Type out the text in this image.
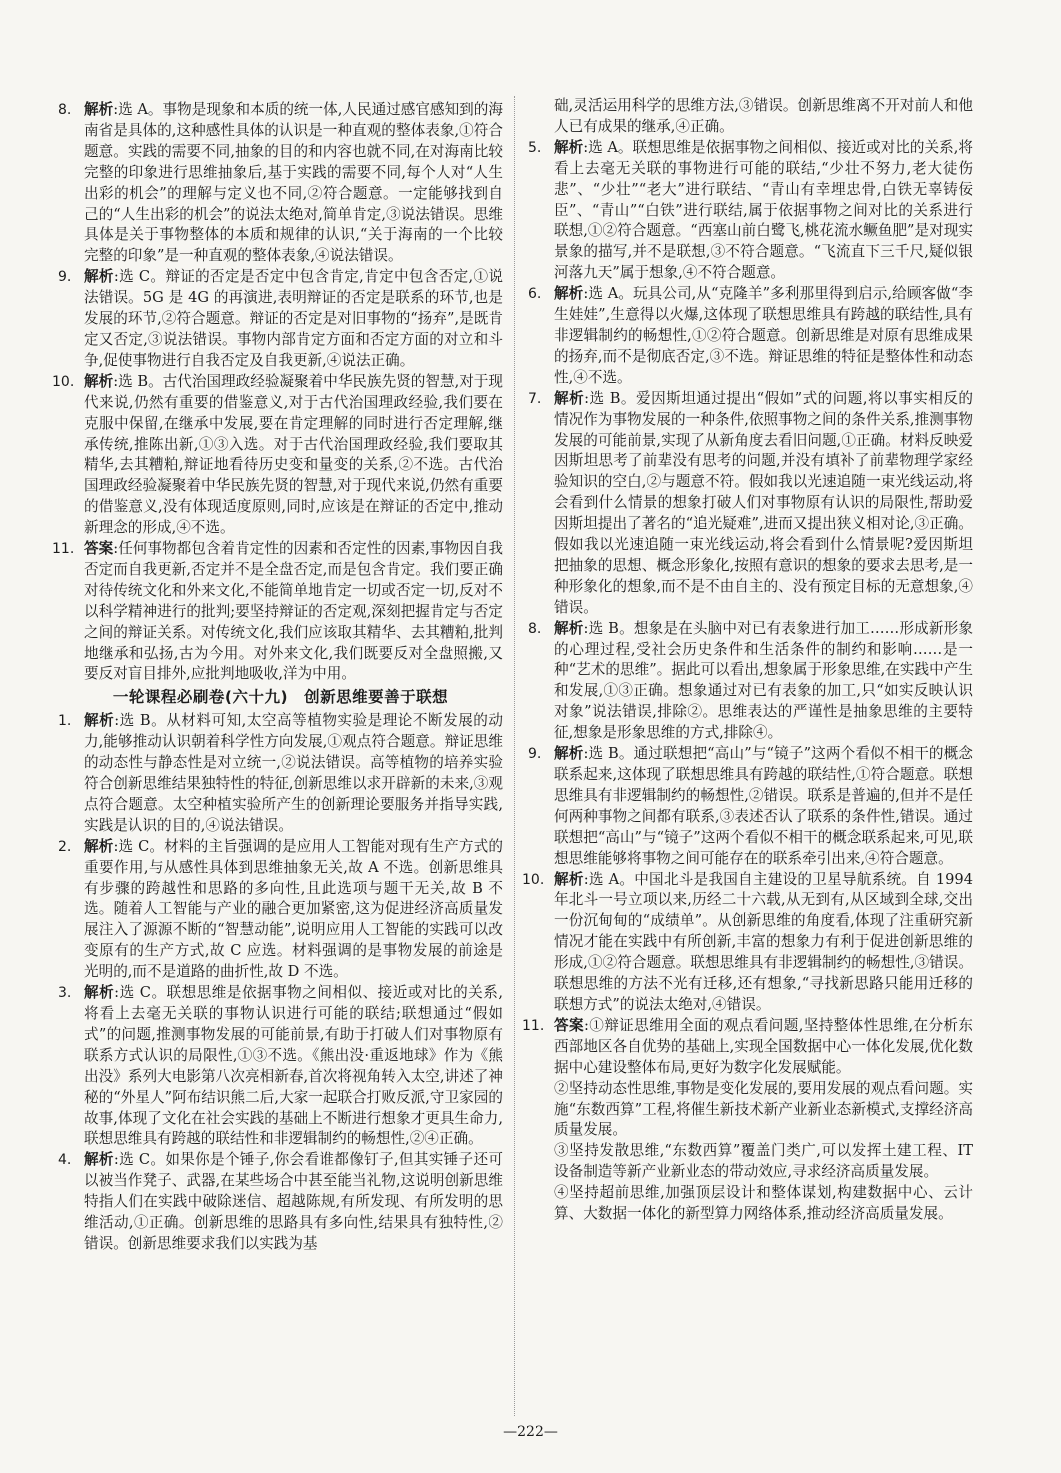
8. 解析:选 A。事物是现象和本质的统一体,人民通过感官感知到的海南省是具体的,这种感性具体的认识是一种直观的整体表象,①符合题意。实践的需要不同,抽象的目的和内容也就不同,在对海南比较完整的印象进行思维抽象后,基于实践的需要不同,每个人对“人生出彩的机会”的理解与定义也不同,②符合题意。一定能够找到自己的“人生出彩的机会”的说法太绝对,简单肯定,③说法错误。思维具体是关于事物整体的本质和规律的认识,“关于海南的一个比较完整的印象”是一种直观的整体表象,④说法错误。
9. 解析:选 C。辩证的否定是否定中包含肯定,肯定中包含否定,①说法错误。5G 是 4G 的再演进,表明辩证的否定是联系的环节,也是发展的环节,②符合题意。辩证的否定是对旧事物的“扬弃”,是既肯定又否定,③说法错误。事物内部肯定方面和否定方面的对立和斗争,促使事物进行自我否定及自我更新,④说法正确。
10. 解析:选 B。古代治国理政经验凝聚着中华民族先贤的智慧,对于现代来说,仍然有重要的借鉴意义,对于古代治国理政经验,我们要在克服中保留,在继承中发展,要在肯定理解的同时进行否定理解,继承传统,推陈出新,①③入选。对于古代治国理政经验,我们要取其精华,去其糟粕,辩证地看待历史变和量变的关系,②不选。古代治国理政经验凝聚着中华民族先贤的智慧,对于现代来说,仍然有重要的借鉴意义,没有体现适度原则,同时,应该是在辩证的否定中,推动新理念的形成,④不选。
11. 答案:任何事物都包含着肯定性的因素和否定性的因素,事物因自我否定而自我更新,否定并不是全盘否定,而是包含肯定。我们要正确对待传统文化和外来文化,不能简单地肯定一切或否定一切,反对不以科学精神进行的批判;要坚持辩证的否定观,深刻把握肯定与否定之间的辩证关系。对传统文化,我们应该取其精华、去其糟粕,批判地继承和弘扬,古为今用。对外来文化,我们既要反对全盘照搬,又要反对盲目排外,应批判地吸收,洋为中用。
一轮课程必刷卷(六十九)　创新思维要善于联想
1. 解析:选 B。从材料可知,太空高等植物实验是理论不断发展的动力,能够推动认识朝着科学性方向发展,①观点符合题意。辩证思维的动态性与静态性是对立统一,②说法错误。高等植物的培养实验符合创新思维结果独特性的特征,创新思维以求开辟新的未来,③观点符合题意。太空种植实验所产生的创新理论要服务并指导实践,实践是认识的目的,④说法错误。
2. 解析:选 C。材料的主旨强调的是应用人工智能对现有生产方式的重要作用,与从感性具体到思维抽象无关,故 A 不选。创新思维具有步骤的跨越性和思路的多向性,且此选项与题干无关,故 B 不选。随着人工智能与产业的融合更加紧密,这为促进经济高质量发展注入了源源不断的“智慧动能”,说明应用人工智能的实践可以改变原有的生产方式,故 C 应选。材料强调的是事物发展的前途是光明的,而不是道路的曲折性,故 D 不选。
3. 解析:选 C。联想思维是依据事物之间相似、接近或对比的关系,将看上去毫无关联的事物认识进行可能的联结;联想通过“假如式”的问题,推测事物发展的可能前景,有助于打破人们对事物原有联系方式认识的局限性,①③不选。《熊出没·重返地球》作为《熊出没》系列大电影第八次亮相新春,首次将视角转入太空,讲述了神秘的“外星人”阿布结识熊二后,大家一起联合打败反派,守卫家园的故事,体现了文化在社会实践的基础上不断进行想象才更具生命力,联想思维具有跨越的联结性和非逻辑制约的畅想性,②④正确。
4. 解析:选 C。如果你是个锤子,你会看谁都像钉子,但其实锤子还可以被当作凳子、武器,在某些场合中甚至能当礼物,这说明创新思维特指人们在实践中破除迷信、超越陈规,有所发现、有所发明的思维活动,①正确。创新思维的思路具有多向性,结果具有独特性,②错误。创新思维要求我们以实践为基
础,灵活运用科学的思维方法,③错误。创新思维离不开对前人和他人已有成果的继承,④正确。
5. 解析:选 A。联想思维是依据事物之间相似、接近或对比的关系,将看上去毫无关联的事物进行可能的联结,“少壮不努力,老大徒伤悲”、“少壮”“老大”进行联结、“青山有幸埋忠骨,白铁无辜铸佞臣”、“青山”“白铁”进行联结,属于依据事物之间对比的关系进行联想,①②符合题意。“西塞山前白鹭飞,桃花流水鳜鱼肥”是对现实景象的描写,并不是联想,③不符合题意。“飞流直下三千尺,疑似银河落九天”属于想象,④不符合题意。
6. 解析:选 A。玩具公司,从“克隆羊”多利那里得到启示,给顾客做“李生娃娃”,生意得以火爆,这体现了联想思维具有跨越的联结性,具有非逻辑制约的畅想性,①②符合题意。创新思维是对原有思维成果的扬弃,而不是彻底否定,③不选。辩证思维的特征是整体性和动态性,④不选。
7. 解析:选 B。爱因斯坦通过提出“假如”式的问题,将以事实相反的情况作为事物发展的一种条件,依照事物之间的条件关系,推测事物发展的可能前景,实现了从新角度去看旧问题,①正确。材料反映爱因斯坦思考了前辈没有思考的问题,并没有填补了前辈物理学家经验知识的空白,②与题意不符。假如我以光速追随一束光线运动,将会看到什么情景的想象打破人们对事物原有认识的局限性,帮助爱因斯坦提出了著名的“追光疑难”,进而又提出狭义相对论,③正确。假如我以光速追随一束光线运动,将会看到什么情景呢?爱因斯坦把抽象的思想、概念形象化,按照有意识的想象的要求去思考,是一种形象化的想象,而不是不由自主的、没有预定目标的无意想象,④错误。
8. 解析:选 B。想象是在头脑中对已有表象进行加工……形成新形象的心理过程,受社会历史条件和生活条件的制约和影响……是一种“艺术的思维”。据此可以看出,想象属于形象思维,在实践中产生和发展,①③正确。想象通过对已有表象的加工,只“如实反映认识对象”说法错误,排除②。思维表达的严谨性是抽象思维的主要特征,想象是形象思维的方式,排除④。
9. 解析:选 B。通过联想把“高山”与“镜子”这两个看似不相干的概念联系起来,这体现了联想思维具有跨越的联结性,①符合题意。联想思维具有非逻辑制约的畅想性,②错误。联系是普遍的,但并不是任何两种事物之间都有联系,③表述否认了联系的条件性,错误。通过联想把“高山”与“镜子”这两个看似不相干的概念联系起来,可见,联想思维能够将事物之间可能存在的联系牵引出来,④符合题意。
10. 解析:选 A。中国北斗是我国自主建设的卫星导航系统。自 1994 年北斗一号立项以来,历经二十六载,从无到有,从区域到全球,交出一份沉甸甸的“成绩单”。从创新思维的角度看,体现了注重研究新情况才能在实践中有所创新,丰富的想象力有利于促进创新思维的形成,①②符合题意。联想思维具有非逻辑制约的畅想性,③错误。联想思维的方法不光有迁移,还有想象,“寻找新思路只能用迁移的联想方式”的说法太绝对,④错误。
11. 答案:①辩证思维用全面的观点看问题,坚持整体性思维,在分析东西部地区各自优势的基础上,实现全国数据中心一体化发展,优化数据中心建设整体布局,更好为数字化发展赋能。

②坚持动态性思维,事物是变化发展的,要用发展的观点看问题。实施“东数西算”工程,将催生新技术新产业新业态新模式,支撑经济高质量发展。

③坚持发散思维,“东数西算”覆盖门类广,可以发挥土建工程、IT 设备制造等新产业新业态的带动效应,寻求经济高质量发展。

④坚持超前思维,加强顶层设计和整体谋划,构建数据中心、云计算、大数据一体化的新型算力网络体系,推动经济高质量发展。

—222—
